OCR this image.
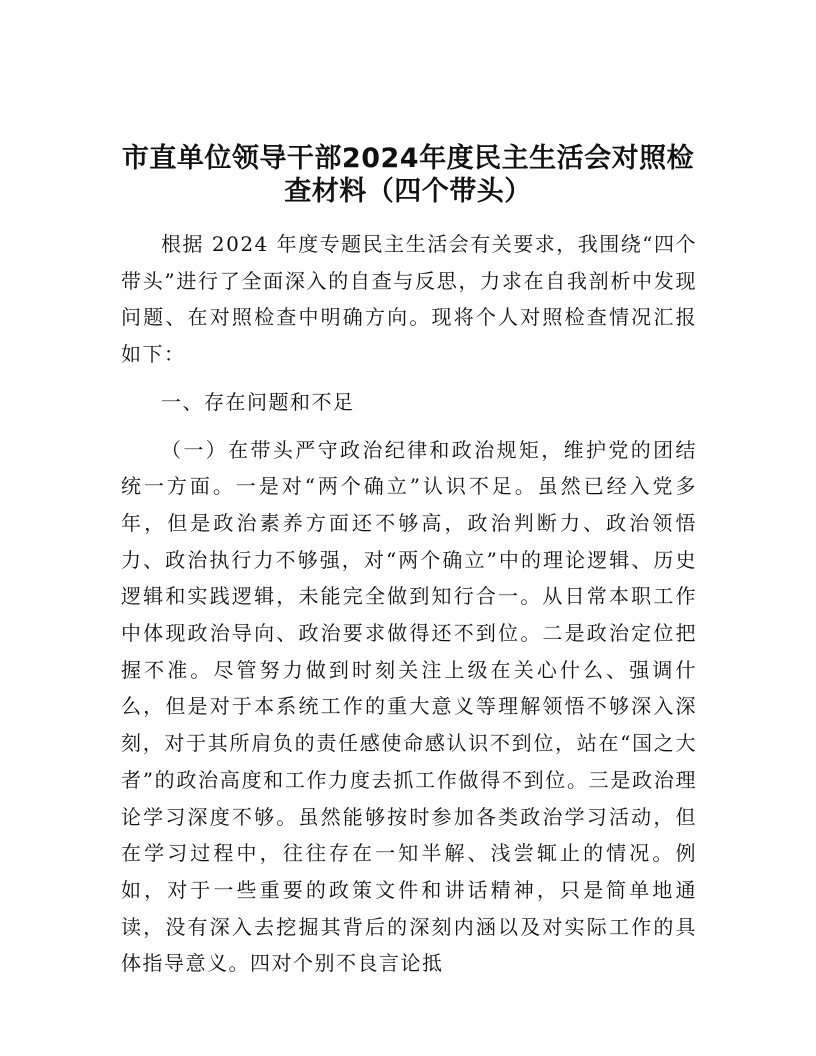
市直单位领导干部2024年度民主生活会对照检
查材料（四个带头）

根据 2024 年度专题民主生活会有关要求，我围绕“四个带头”进行了全面深入的自查与反思，力求在自我剖析中发现问题、在对照检查中明确方向。现将个人对照检查情况汇报如下：

一、存在问题和不足

（一）在带头严守政治纪律和政治规矩，维护党的团结统一方面。一是对“两个确立”认识不足。虽然已经入党多年，但是政治素养方面还不够高，政治判断力、政治领悟力、政治执行力不够强，对“两个确立”中的理论逻辑、历史逻辑和实践逻辑，未能完全做到知行合一。从日常本职工作中体现政治导向、政治要求做得还不到位。二是政治定位把握不准。尽管努力做到时刻关注上级在关心什么、强调什么，但是对于本系统工作的重大意义等理解领悟不够深入深刻，对于其所肩负的责任感使命感认识不到位，站在“国之大者”的政治高度和工作力度去抓工作做得不到位。三是政治理论学习深度不够。虽然能够按时参加各类政治学习活动，但在学习过程中，往往存在一知半解、浅尝辄止的情况。例如，对于一些重要的政策文件和讲话精神，只是简单地通读，没有深入去挖掘其背后的深刻内涵以及对实际工作的具体指导意义。四对个别不良言论抵
